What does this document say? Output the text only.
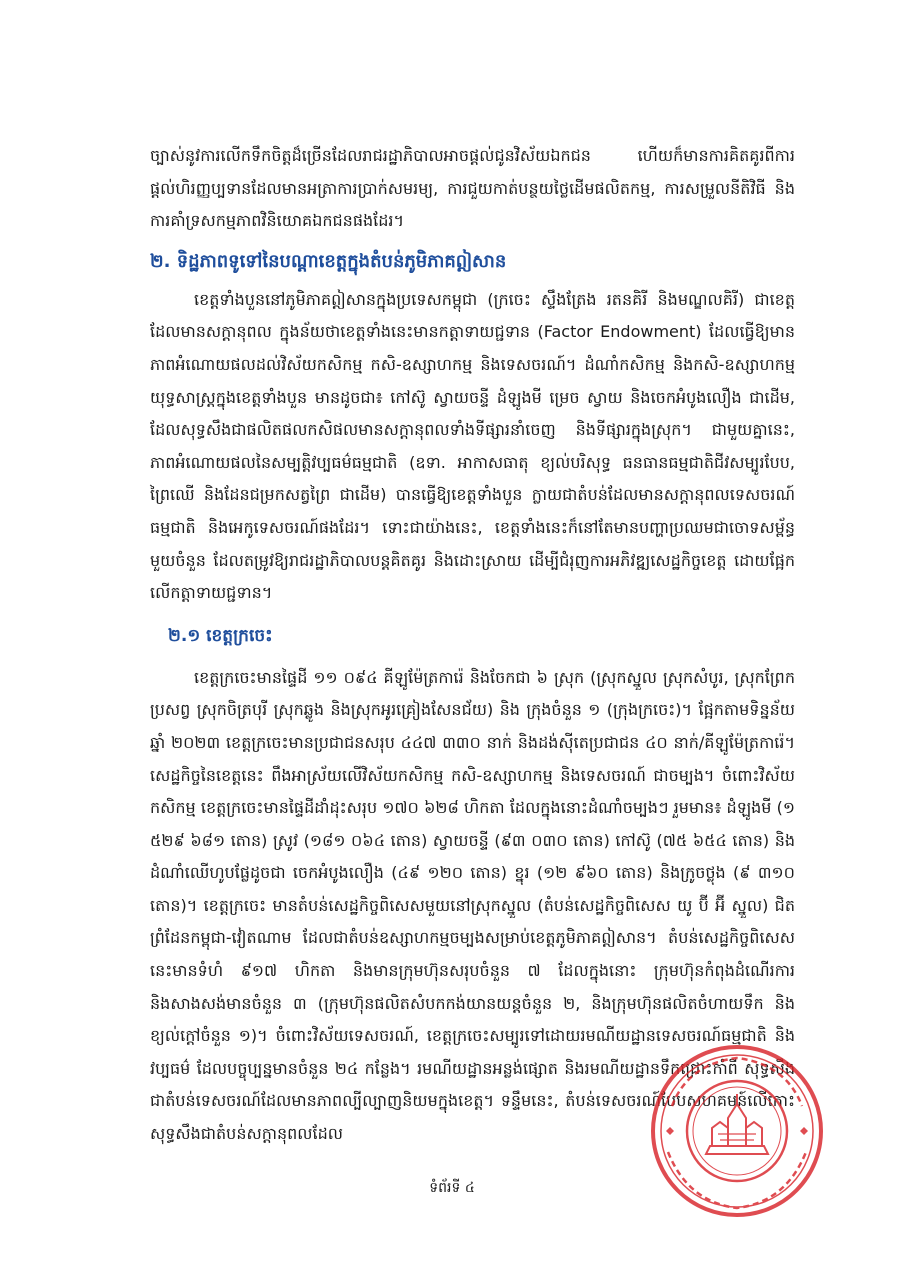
ច្បាស់នូវការលើកទឹកចិត្តដ៏ច្រើនដែលរាជរដ្ឋាភិបាលអាចផ្តល់ជូនវិស័យឯកជន ហើយក៏មានការគិតគូរពីការផ្តល់ហិរញ្ញប្បទានដែលមានអត្រាការប្រាក់សមរម្យ, ការជួយកាត់បន្ថយថ្លៃដើមផលិតកម្ម, ការសម្រួលនីតិវិធី និងការគាំទ្រសកម្មភាពវិនិយោគឯកជនផងដែរ។

២. ទិដ្ឋភាពទូទៅនៃបណ្តាខេត្តក្នុងតំបន់ភូមិភាគឦសាន

ខេត្តទាំងបួននៅភូមិភាគឦសានក្នុងប្រទេសកម្ពុជា (ក្រចេះ ស្ទឹងត្រែង រតនគិរី និងមណ្ឌលគិរី) ជាខេត្តដែលមានសក្តានុពល ក្នុងន័យថាខេត្តទាំងនេះមានកត្តាទាយជ្ជទាន (Factor Endowment) ដែលធ្វើឱ្យមានភាពអំណោយផលដល់វិស័យកសិកម្ម កសិ-ឧស្សាហកម្ម និងទេសចរណ៍។ ដំណាំកសិកម្ម និងកសិ-ឧស្សាហកម្មយុទ្ធសាស្ត្រក្នុងខេត្តទាំងបួន មានដូចជា៖ កៅស៊ូ ស្វាយចន្ទី ដំឡូងមី ម្រេច ស្វាយ និងចេកអំបូងលឿង ជាដើម, ដែលសុទ្ធសឹងជាផលិតផលកសិផលមានសក្តានុពលទាំងទីផ្សារនាំចេញ និងទីផ្សារក្នុងស្រុក។ ជាមួយគ្នានេះ, ភាពអំណោយផលនៃសម្បត្តិវប្បធម៌ធម្មជាតិ (ឧទា. អាកាសធាតុ ខ្យល់បរិសុទ្ធ ធនធានធម្មជាតិជីវសម្បូរបែប, ព្រៃឈើ និងដែនជម្រកសត្វព្រៃ ជាដើម) បានធ្វើឱ្យខេត្តទាំងបួន ក្លាយជាតំបន់ដែលមានសក្តានុពលទេសចរណ៍ធម្មជាតិ និងអេកូទេសចរណ៍ផងដែរ។ ទោះជាយ៉ាងនេះ, ខេត្តទាំងនេះក៏នៅតែមានបញ្ហាប្រឈមជាចោទសម្ព័ន្ធមួយចំនួន ដែលតម្រូវឱ្យរាជរដ្ឋាភិបាលបន្តគិតគូរ និងដោះស្រាយ ដើម្បីជំរុញការអភិវឌ្ឍសេដ្ឋកិច្ចខេត្ត ដោយផ្អែកលើកត្តាទាយជ្ជទាន។

២.១ ខេត្តក្រចេះ

ខេត្តក្រចេះមានផ្ទៃដី ១១ ០៩៤ គីឡូម៉ែត្រការ៉េ និងចែកជា ៦ ស្រុក (ស្រុកស្នួល ស្រុកសំបូរ, ស្រុកព្រែកប្រសព្វ ស្រុកចិត្របុរី ស្រុកឆ្លូង និងស្រុកអូរគ្រៀងសែនជ័យ) និង ក្រុងចំនួន ១ (ក្រុងក្រចេះ)។ ផ្អែកតាមទិន្នន័យឆ្នាំ ២០២៣ ខេត្តក្រចេះមានប្រជាជនសរុប ៤៤៧ ៣៣០ នាក់ និងដង់ស៊ីតេប្រជាជន ៤០ នាក់/គីឡូម៉ែត្រការ៉េ។ សេដ្ឋកិច្ចនៃខេត្តនេះ ពឹងអាស្រ័យលើវិស័យកសិកម្ម កសិ-ឧស្សាហកម្ម និងទេសចរណ៍ ជាចម្បង។ ចំពោះវិស័យកសិកម្ម ខេត្តក្រចេះមានផ្ទៃដីដាំដុះសរុប ១៧០ ៦២៨ ហិកតា ដែលក្នុងនោះដំណាំចម្បងៗ រួមមាន៖ ដំឡូងមី (១ ៥២៩ ៦៨១ តោន) ស្រូវ (១៨១ ០៦៤ តោន) ស្វាយចន្ទី (៩៣ ០៣០ តោន) កៅស៊ូ (៧៥ ៦៥៤ តោន) និងដំណាំឈើហូបផ្លែដូចជា ចេកអំបូងលឿង (៤៩ ១២០ តោន) ខ្នុរ (១២ ៩៦០ តោន) និងក្រូចថ្លុង (៩ ៣១០ តោន)។ ខេត្តក្រចេះ មានតំបន់សេដ្ឋកិច្ចពិសេសមួយនៅស្រុកស្នួល (តំបន់សេដ្ឋកិច្ចពិសេស យូ ប៊ី អ៊ី ស្នួល) ជិតព្រំដែនកម្ពុជា-វៀតណាម ដែលជាតំបន់ឧស្សាហកម្មចម្បងសម្រាប់ខេត្តភូមិភាគឦសាន។ តំបន់សេដ្ឋកិច្ចពិសេសនេះមានទំហំ ៩១៧ ហិកតា និងមានក្រុមហ៊ុនសរុបចំនួន ៧ ដែលក្នុងនោះ ក្រុមហ៊ុនកំពុងដំណើរការ និងសាងសង់មានចំនួន ៣ (ក្រុមហ៊ុនផលិតសំបកកង់យានយន្តចំនួន ២, និងក្រុមហ៊ុនផលិតចំហាយទឹក និងខ្យល់ក្តៅចំនួន ១)។ ចំពោះវិស័យទេសចរណ៍, ខេត្តក្រចេះសម្បូរទៅដោយរមណីយដ្ឋានទេសចរណ៍ធម្មជាតិ និងវប្បធម៌ ដែលបច្ចុប្បន្នមានចំនួន ២៤ កន្លែង។ រមណីយដ្ឋានអន្លង់ផ្សោត និងរមណីយដ្ឋានទឹកជ្រោះកាំពី សុទ្ធសឹងជាតំបន់ទេសចរណ៍ដែលមានភាពល្បីល្បាញនិយមក្នុងខេត្ត។ ទន្ទឹមនេះ, តំបន់ទេសចរណ៍បែបសហគមន៍លើកោះ សុទ្ធសឹងជាតំបន់សក្តានុពលដែល

ទំព័រទី ៤
